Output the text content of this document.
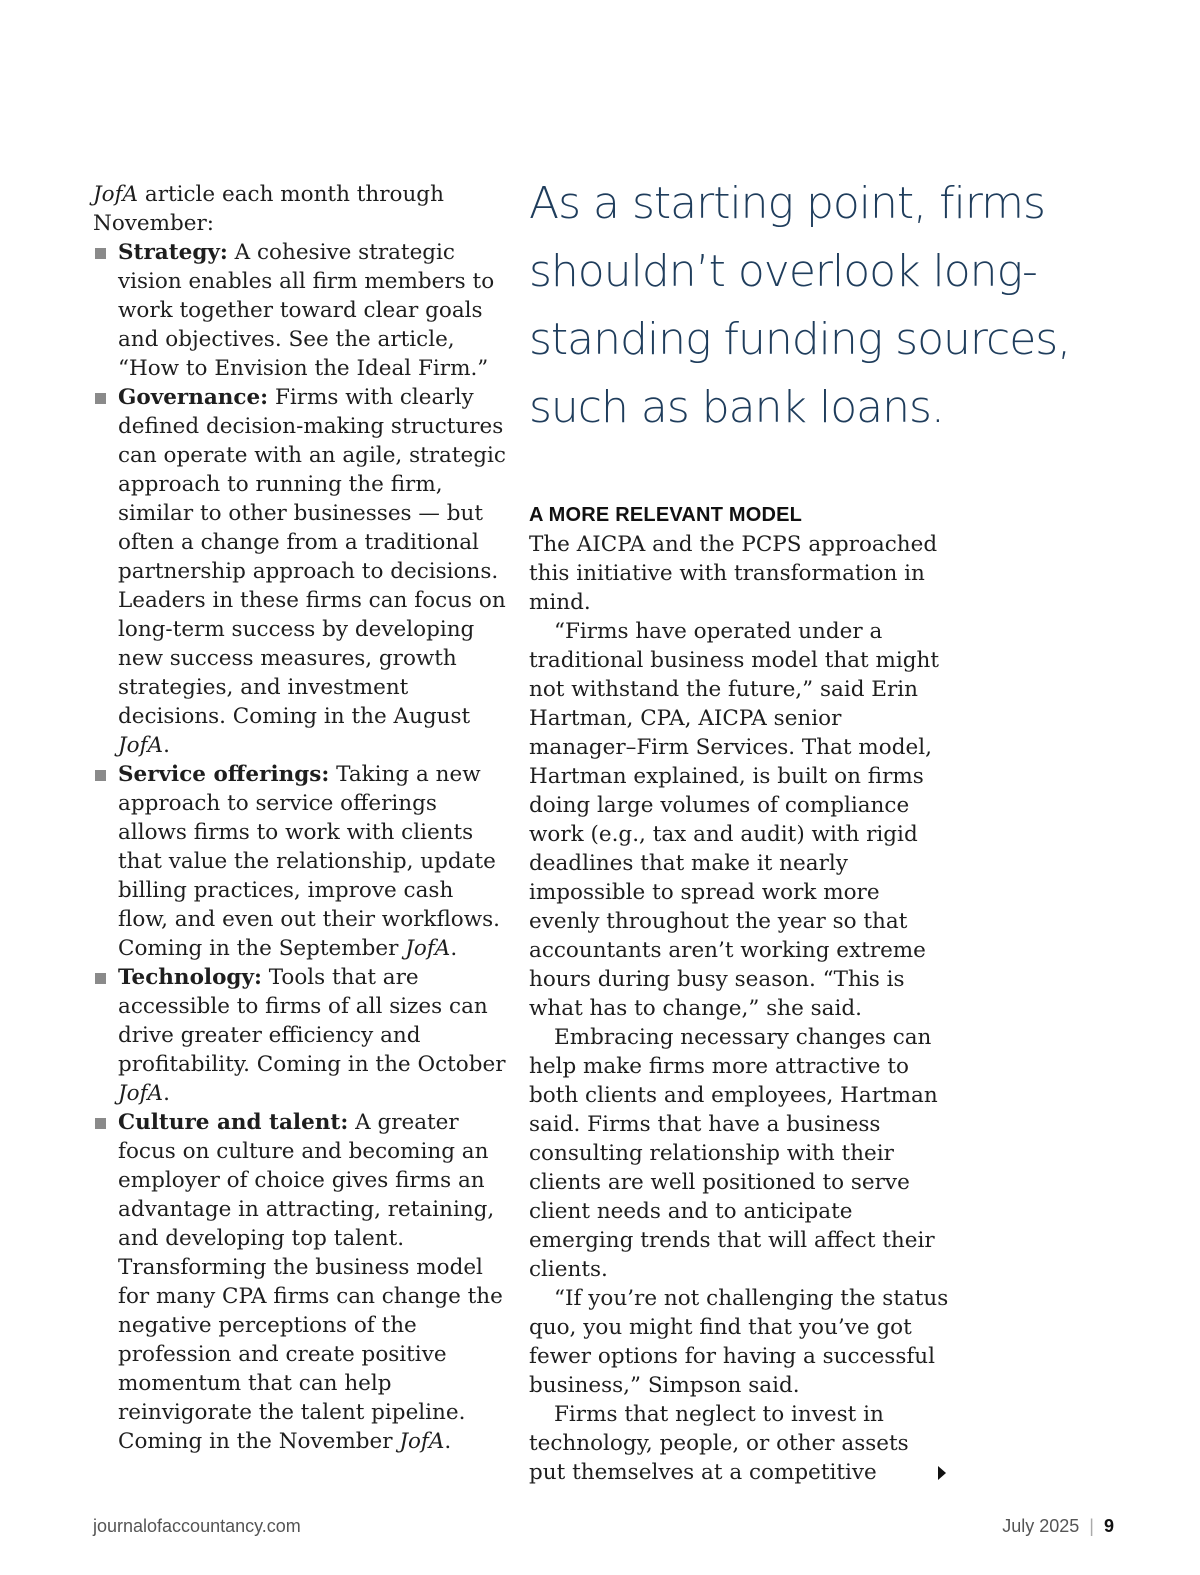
JofA article each month through November:

Strategy: A cohesive strategic vision enables all firm members to work together toward clear goals and objectives. See the article, “How to Envision the Ideal Firm.”
Governance: Firms with clearly defined decision-making structures can operate with an agile, strategic approach to running the firm, similar to other businesses — but often a change from a traditional partnership approach to decisions. Leaders in these firms can focus on long-term success by developing new success measures, growth strategies, and investment decisions. Coming in the August JofA.
Service offerings: Taking a new approach to service offerings allows firms to work with clients that value the relationship, update billing practices, improve cash flow, and even out their workflows. Coming in the September JofA.
Technology: Tools that are accessible to firms of all sizes can drive greater efficiency and profitability. Coming in the October JofA.
Culture and talent: A greater focus on culture and becoming an employer of choice gives firms an advantage in attracting, retaining, and developing top talent. Transforming the business model for many CPA firms can change the negative perceptions of the profession and create positive momentum that can help reinvigorate the talent pipeline. Coming in the November JofA.
As a starting point, firms shouldn’t overlook long-standing funding sources, such as bank loans.
A MORE RELEVANT MODEL

The AICPA and the PCPS approached this initiative with transformation in mind.

“Firms have operated under a traditional business model that might not withstand the future,” said Erin Hartman, CPA, AICPA senior manager–Firm Services. That model, Hartman explained, is built on firms doing large volumes of compliance work (e.g., tax and audit) with rigid deadlines that make it nearly impossible to spread work more evenly throughout the year so that accountants aren’t working extreme hours during busy season. “This is what has to change,” she said.

Embracing necessary changes can help make firms more attractive to both clients and employees, Hartman said. Firms that have a business consulting relationship with their clients are well positioned to serve client needs and to anticipate emerging trends that will affect their clients.

“If you’re not challenging the status quo, you might find that you’ve got fewer options for having a successful business,” Simpson said.

Firms that neglect to invest in technology, people, or other assets put themselves at a competitive

journalofaccountancy.com	July 2025 | 9
